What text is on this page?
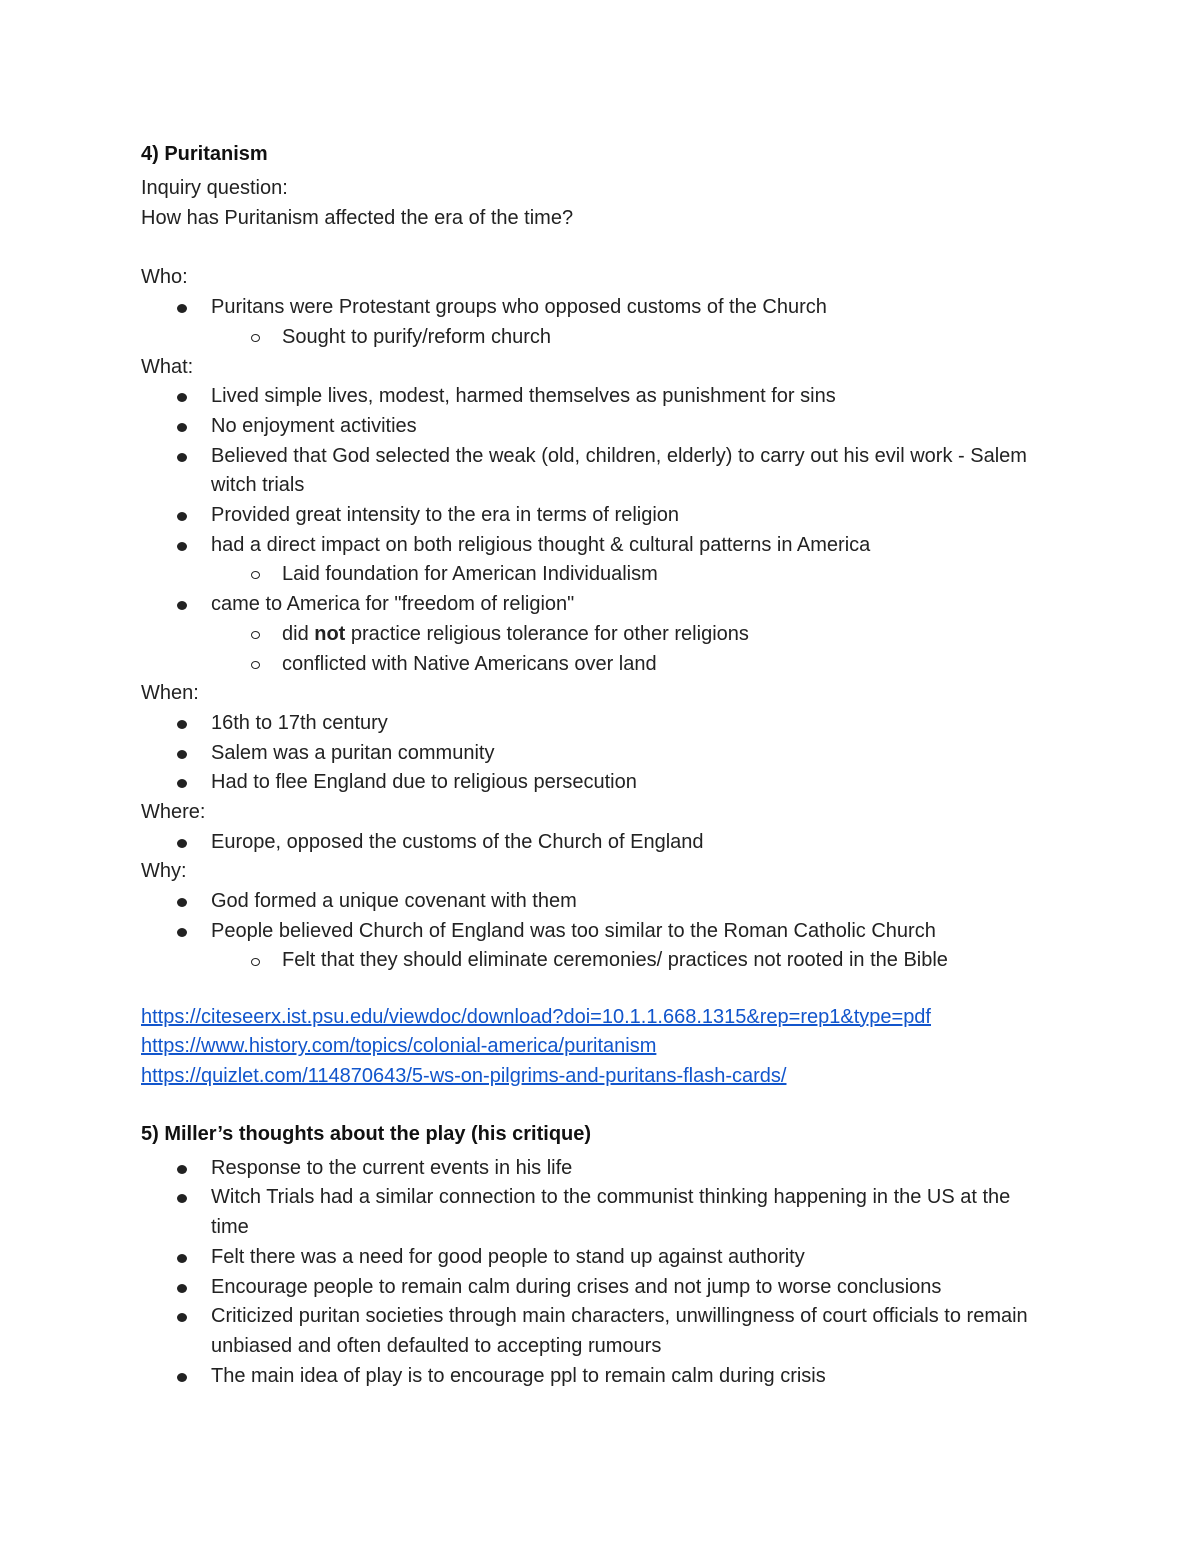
4) Puritanism
Inquiry question:
How has Puritanism affected the era of the time?
Who:
Puritans were Protestant groups who opposed customs of the Church
Sought to purify/reform church
What:
Lived simple lives, modest, harmed themselves as punishment for sins
No enjoyment activities
Believed that God selected the weak (old, children, elderly) to carry out his evil work - Salem witch trials
Provided great intensity to the era in terms of religion
had a direct impact on both religious thought & cultural patterns in America
Laid foundation for American Individualism
came to America for "freedom of religion"
did not practice religious tolerance for other religions
conflicted with Native Americans over land
When:
16th to 17th century
Salem was a puritan community
Had to flee England due to religious persecution
Where:
Europe, opposed the customs of the Church of England
Why:
God formed a unique covenant with them
People believed Church of England was too similar to the Roman Catholic Church
Felt that they should eliminate ceremonies/ practices not rooted in the Bible
https://citeseerx.ist.psu.edu/viewdoc/download?doi=10.1.1.668.1315&rep=rep1&type=pdf
https://www.history.com/topics/colonial-america/puritanism
https://quizlet.com/114870643/5-ws-on-pilgrims-and-puritans-flash-cards/
5) Miller’s thoughts about the play (his critique)
Response to the current events in his life
Witch Trials had a similar connection to the communist thinking happening in the US at the time
Felt there was a need for good people to stand up against authority
Encourage people to remain calm during crises and not jump to worse conclusions
Criticized puritan societies through main characters, unwillingness of court officials to remain unbiased and often defaulted to accepting rumours
The main idea of play is to encourage ppl to remain calm during crisis
